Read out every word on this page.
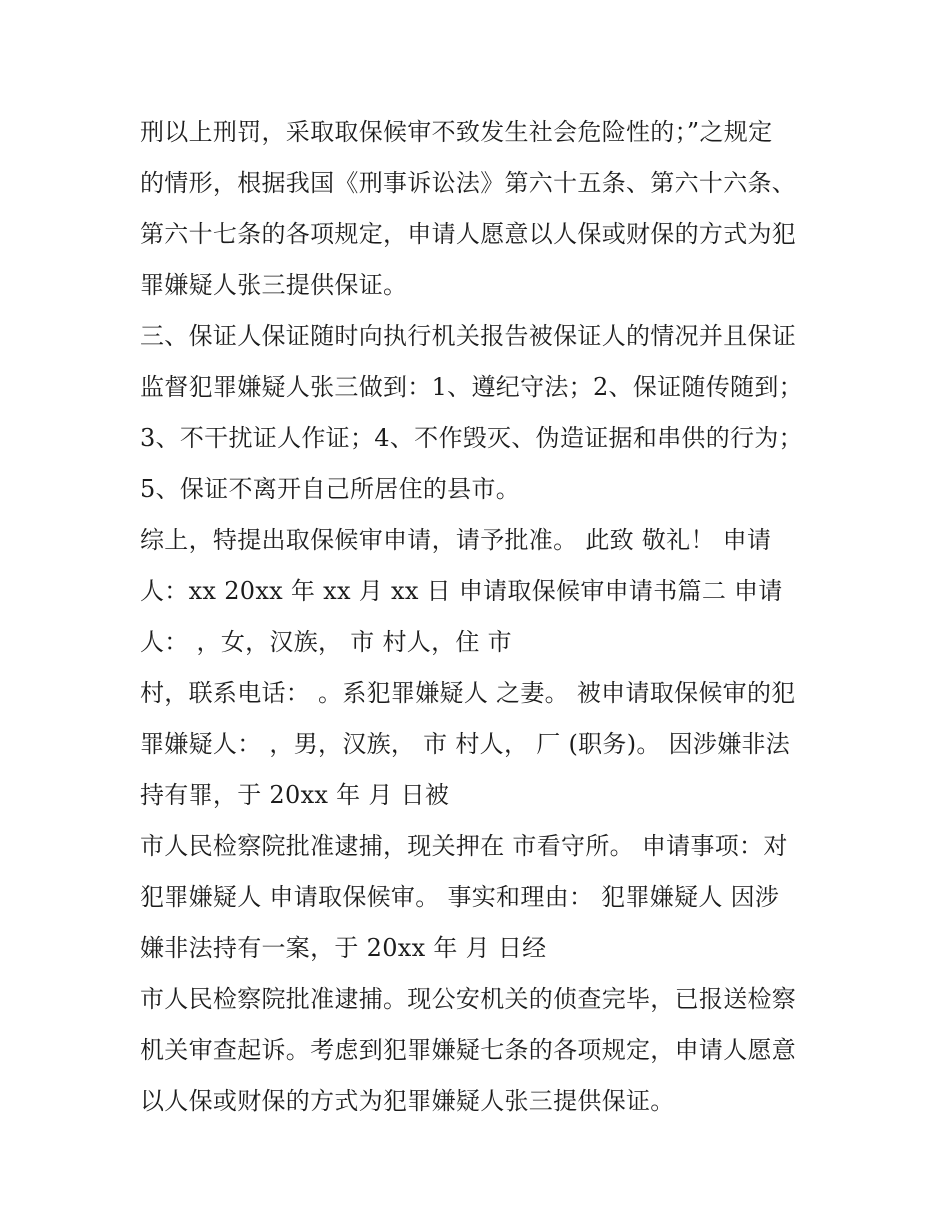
刑以上刑罚，采取取保候审不致发生社会危险性的；”之规定
的情形，根据我国《刑事诉讼法》第六十五条、第六十六条、
第六十七条的各项规定，申请人愿意以人保或财保的方式为犯
罪嫌疑人张三提供保证。
三、保证人保证随时向执行机关报告被保证人的情况并且保证
监督犯罪嫌疑人张三做到：1、遵纪守法；2、保证随传随到；
3、不干扰证人作证；4、不作毁灭、伪造证据和串供的行为；
5、保证不离开自己所居住的县市。
综上，特提出取保候审申请，请予批准。 此致 敬礼！ 申请
人：xx 20xx 年 xx 月 xx 日 申请取保候审申请书篇二 申请
人： ，女，汉族， 市 村人，住 市
村，联系电话： 。系犯罪嫌疑人 之妻。 被申请取保候审的犯
罪嫌疑人： ，男，汉族， 市 村人， 厂 (职务)。 因涉嫌非法
持有罪，于 20xx 年 月 日被
市人民检察院批准逮捕，现关押在 市看守所。 申请事项：对
犯罪嫌疑人 申请取保候审。 事实和理由： 犯罪嫌疑人 因涉
嫌非法持有一案，于 20xx 年 月 日经
市人民检察院批准逮捕。现公安机关的侦查完毕，已报送检察
机关审查起诉。考虑到犯罪嫌疑七条的各项规定，申请人愿意
以人保或财保的方式为犯罪嫌疑人张三提供保证。
